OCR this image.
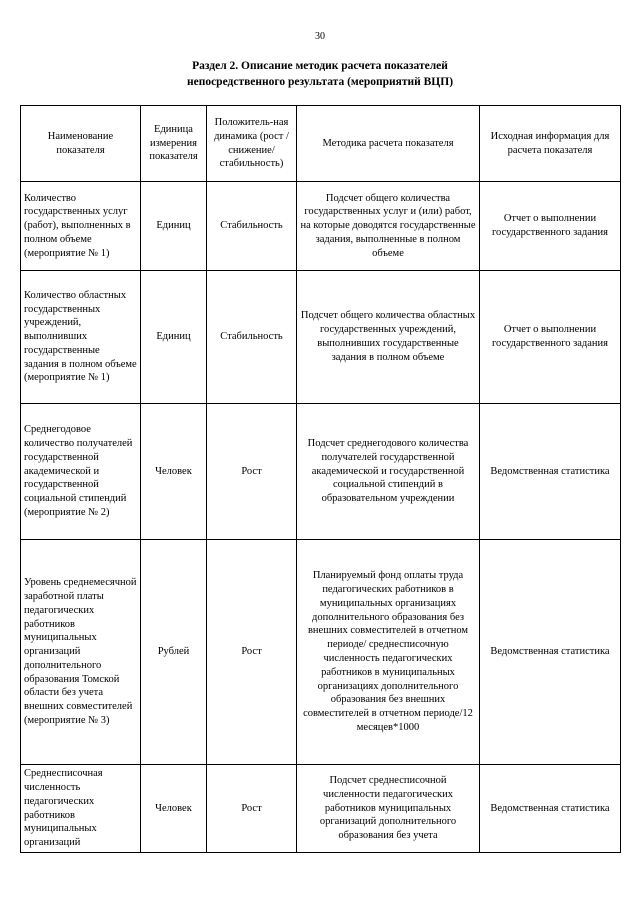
30
Раздел 2. Описание методик расчета показателей
непосредственного результата (мероприятий ВЦП)
Наименование показателя	Единица измерения показателя	Положитель-ная динамика (рост / снижение/ стабильность)	Методика расчета показателя	Исходная информация для расчета показателя
Количество государственных услуг (работ), выполненных в полном объеме (мероприятие № 1)	Единиц	Стабильность	Подсчет общего количества государственных услуг и (или) работ, на которые доводятся государственные задания, выполненные в полном объеме	Отчет о выполнении государственного задания
Количество областных государственных учреждений, выполнивших государственные задания в полном объеме (мероприятие № 1)	Единиц	Стабильность	Подсчет общего количества областных государственных учреждений, выполнивших государственные задания в полном объеме	Отчет о выполнении государственного задания
Среднегодовое количество получателей государственной академической и государственной социальной стипендий (мероприятие № 2)	Человек	Рост	Подсчет среднегодового количества получателей государственной академической и государственной социальной стипендий в образовательном учреждении	Ведомственная статистика
Уровень среднемесячной заработной платы педагогических работников муниципальных организаций дополнительного образования Томской области без учета внешних совместителей (мероприятие № 3)	Рублей	Рост	Планируемый фонд оплаты труда педагогических работников в муниципальных организациях дополнительного образования без внешних совместителей в отчетном периоде/ среднесписочную численность педагогических работников в муниципальных организациях дополнительного образования без внешних совместителей в отчетном периоде/12 месяцев*1000	Ведомственная статистика
Среднесписочная численность педагогических работников муниципальных организаций	Человек	Рост	Подсчет среднесписочной численности педагогических работников муниципальных организаций дополнительного образования без учета	Ведомственная статистика
